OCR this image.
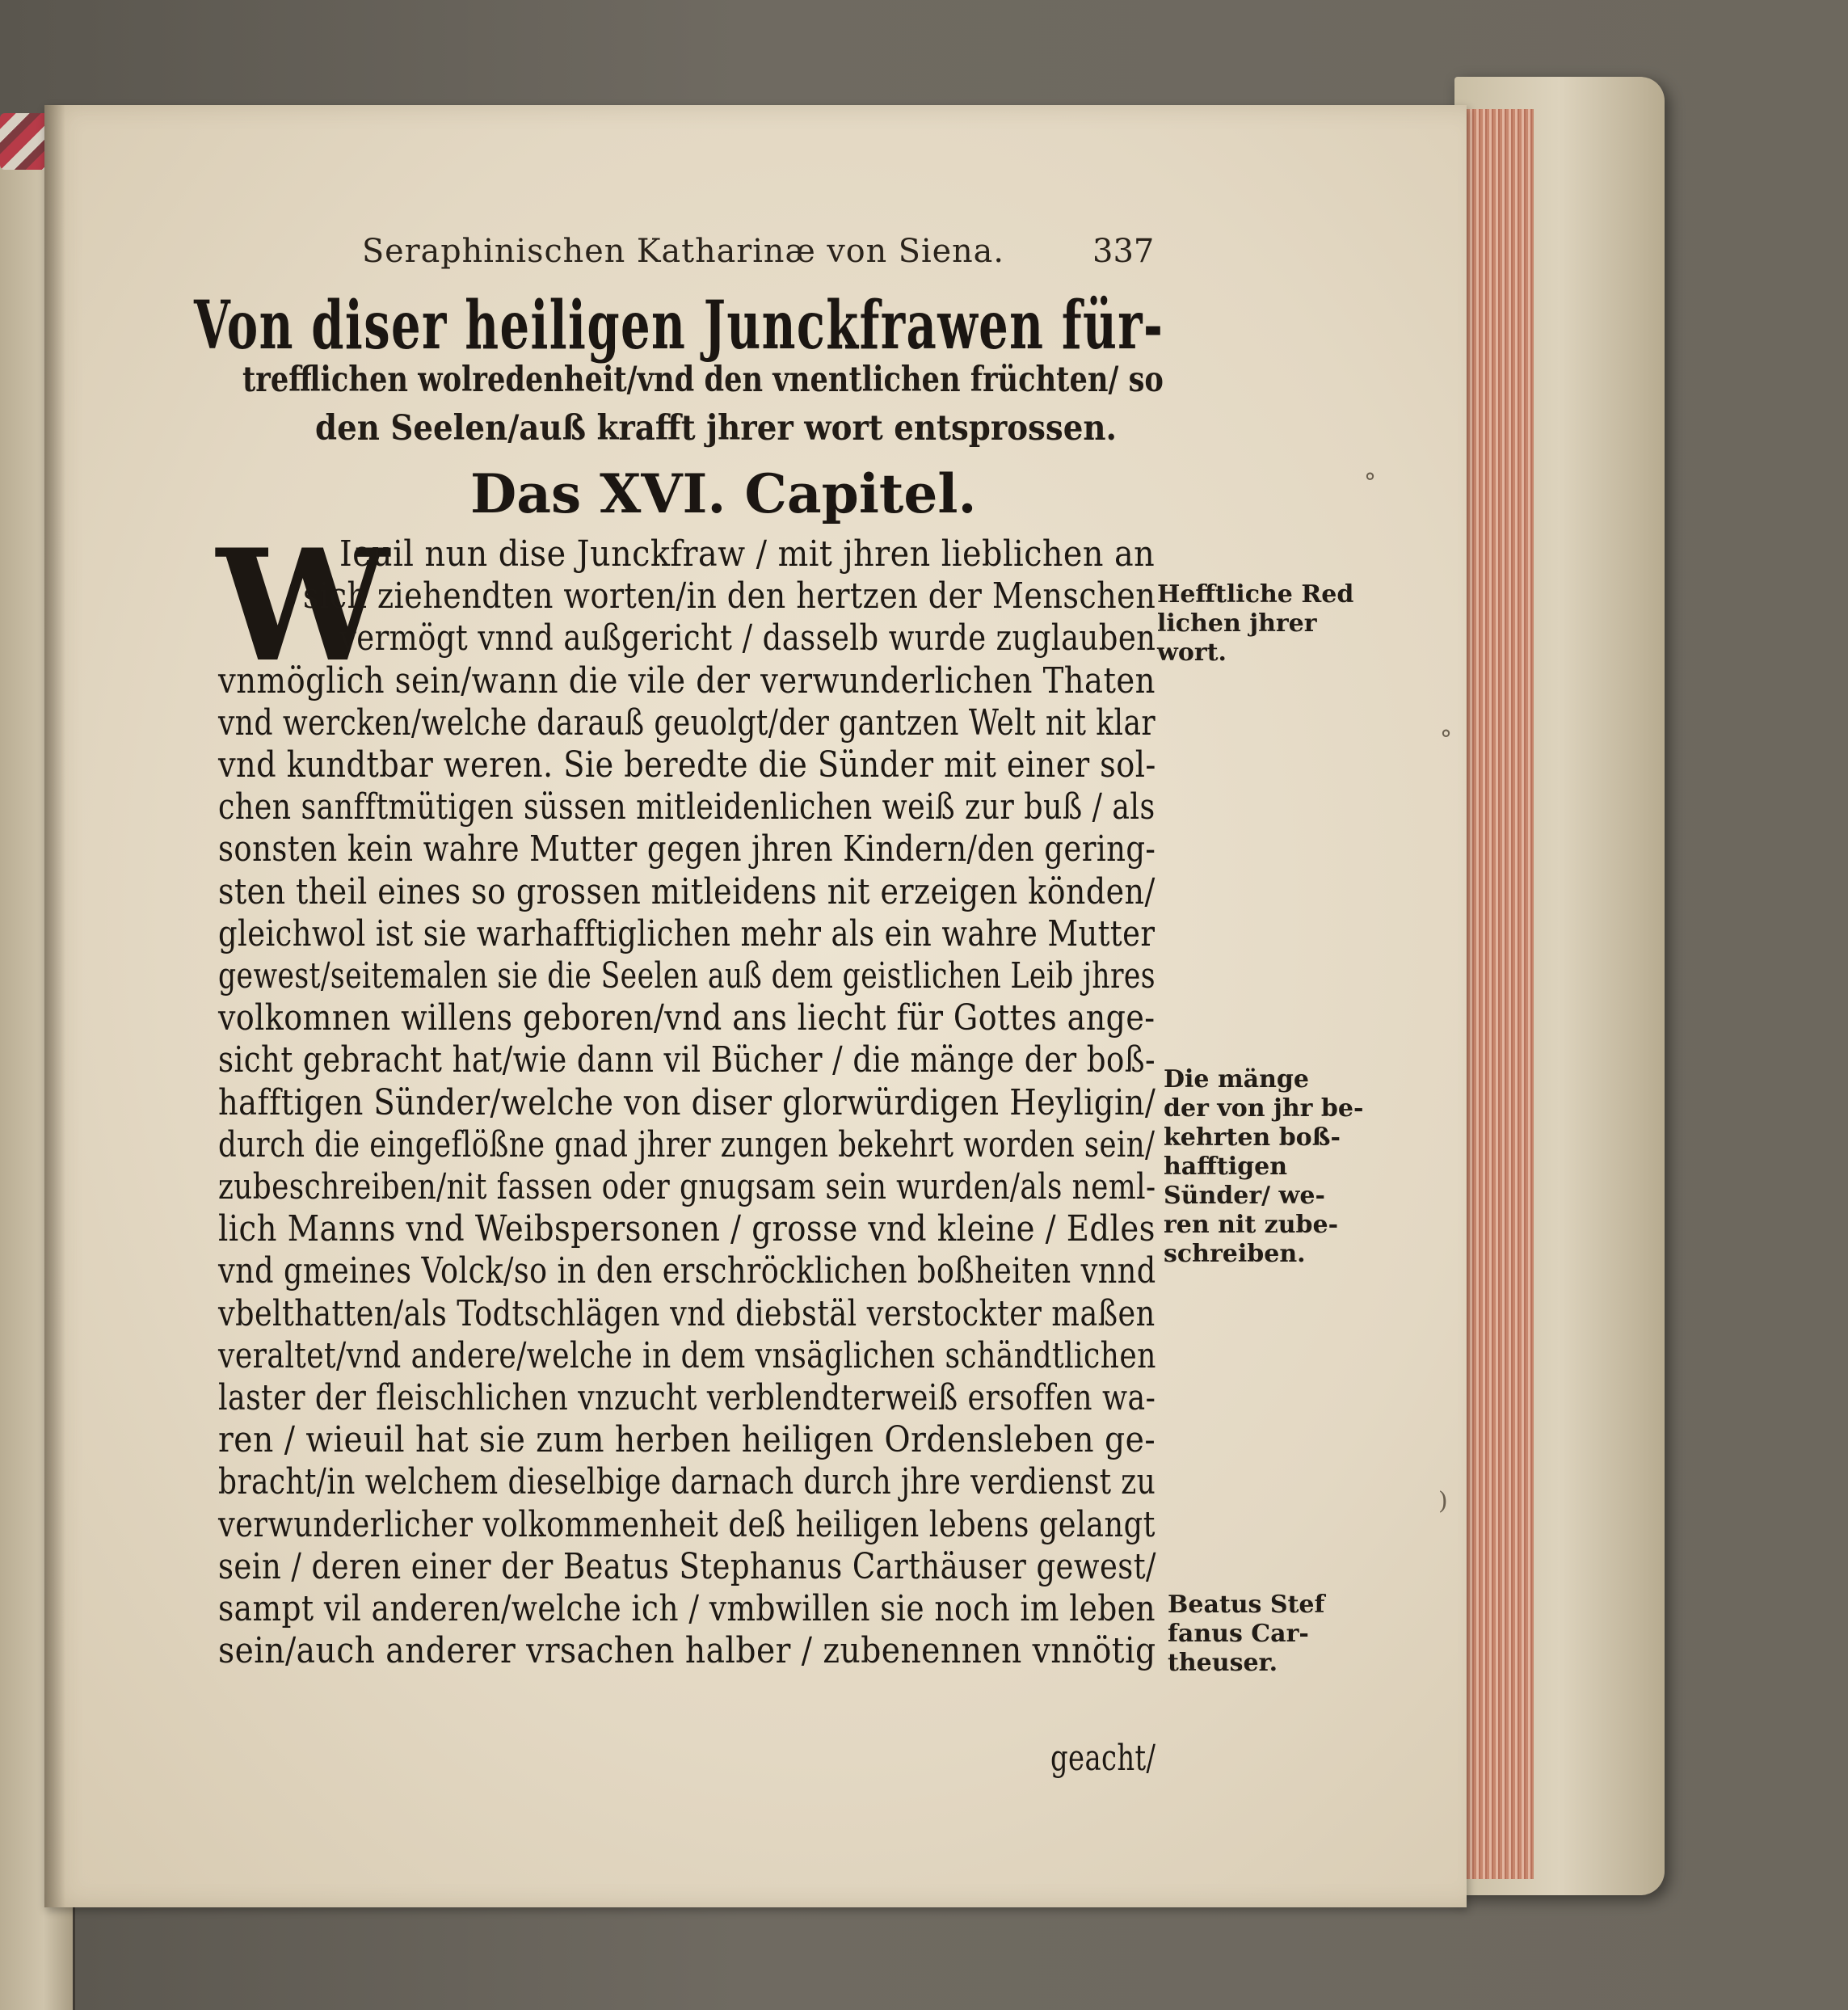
Seraphinischen Katharinæ von Siena.	337
Von diser heiligen Junckfrawen für-
trefflichen wolredenheit/vnd den vnentlichen früchten/ so
den Seelen/auß krafft jhrer wort entsprossen.
Das XVI. Capitel.
W
Ieuil nun dise Junckfraw / mit jhren lieblichen an
sich ziehendten worten/in den hertzen der Menschen
vermögt vnnd außgericht / dasselb wurde zuglauben
vnmöglich sein/wann die vile der verwunderlichen Thaten
vnd wercken/welche darauß geuolgt/der gantzen Welt nit klar
vnd kundtbar weren. Sie beredte die Sünder mit einer sol-
chen sanfftmütigen süssen mitleidenlichen weiß zur buß / als
sonsten kein wahre Mutter gegen jhren Kindern/den gering-
sten theil eines so grossen mitleidens nit erzeigen könden/
gleichwol ist sie warhafftiglichen mehr als ein wahre Mutter
gewest/seitemalen sie die Seelen auß dem geistlichen Leib jhres
volkomnen willens geboren/vnd ans liecht für Gottes ange-
sicht gebracht hat/wie dann vil Bücher / die mänge der boß-
hafftigen Sünder/welche von diser glorwürdigen Heyligin/
durch die eingeflößne gnad jhrer zungen bekehrt worden sein/
zubeschreiben/nit fassen oder gnugsam sein wurden/als neml-
lich Manns vnd Weibspersonen / grosse vnd kleine / Edles
vnd gmeines Volck/so in den erschröcklichen boßheiten vnnd
vbelthatten/als Todtschlägen vnd diebstäl verstockter maßen
veraltet/vnd andere/welche in dem vnsäglichen schändtlichen
laster der fleischlichen vnzucht verblendterweiß ersoffen wa-
ren / wieuil hat sie zum herben heiligen Ordensleben ge-
bracht/in welchem dieselbige darnach durch jhre verdienst zu
verwunderlicher volkommenheit deß heiligen lebens gelangt
sein / deren einer der Beatus Stephanus Carthäuser gewest/
sampt vil anderen/welche ich / vmbwillen sie noch im leben
sein/auch anderer vrsachen halber / zubenennen vnnötig
geacht/
Hefftliche Red
lichen jhrer
wort.
Die mänge
der von jhr be-
kehrten boß-
hafftigen
Sünder/ we-
ren nit zube-
schreiben.
Beatus Stef
fanus Car-
theuser.
°
°
)
